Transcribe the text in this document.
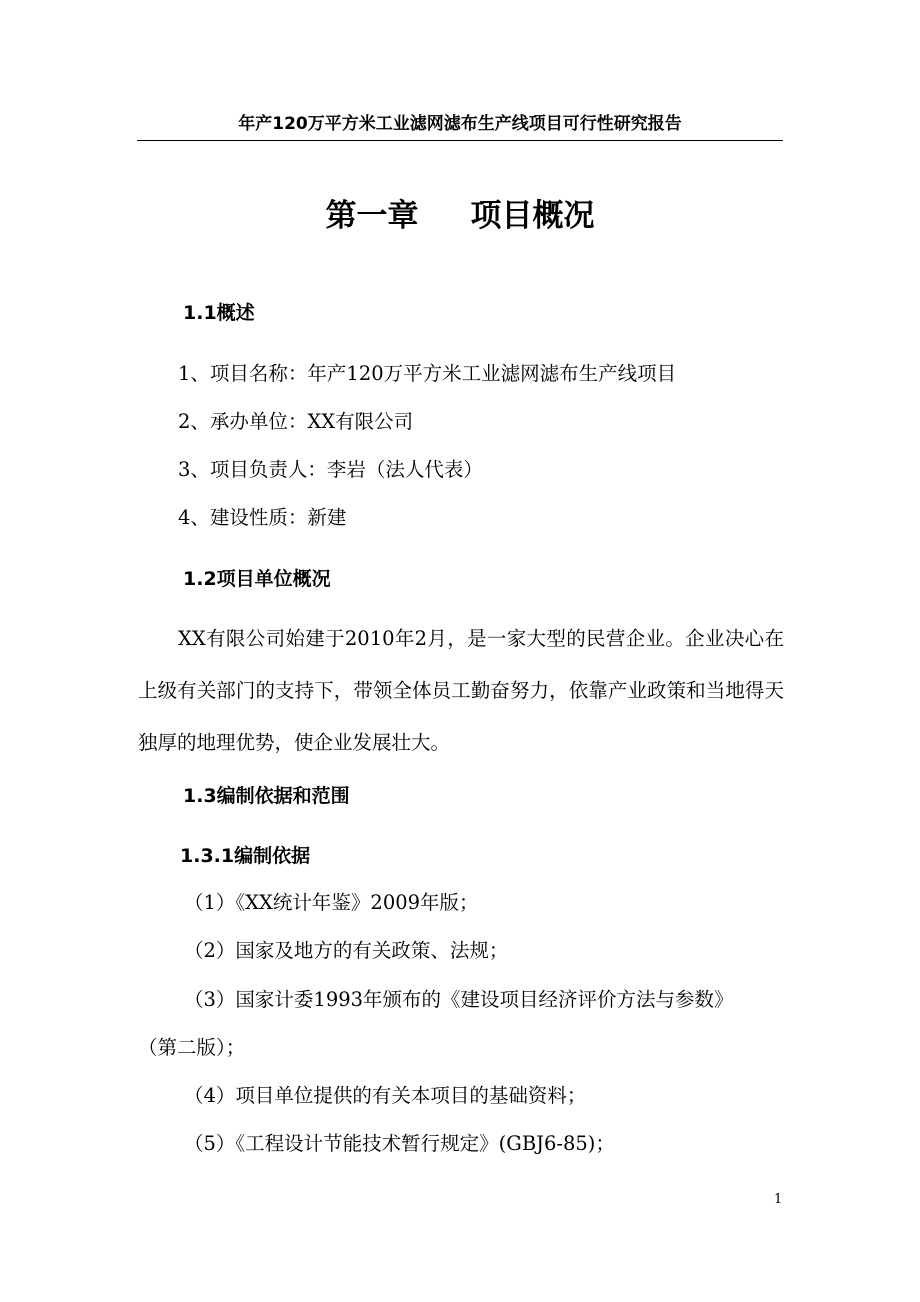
年产120万平方米工业滤网滤布生产线项目可行性研究报告
第一章 项目概况
1.1概述
1、项目名称：年产120万平方米工业滤网滤布生产线项目
2、承办单位：XX有限公司
3、项目负责人：李岩（法人代表）
4、建设性质：新建
1.2项目单位概况

XX有限公司始建于2010年2月，是一家大型的民营企业。企业决心在上级有关部门的支持下，带领全体员工勤奋努力，依靠产业政策和当地得天独厚的地理优势，使企业发展壮大。

1.3编制依据和范围
1.3.1编制依据
（1）《XX统计年鉴》2009年版；
（2）国家及地方的有关政策、法规；
（3）国家计委1993年颁布的《建设项目经济评价方法与参数》
（第二版）；
（4）项目单位提供的有关本项目的基础资料；
（5）《工程设计节能技术暂行规定》(GBJ6-85)；
1
